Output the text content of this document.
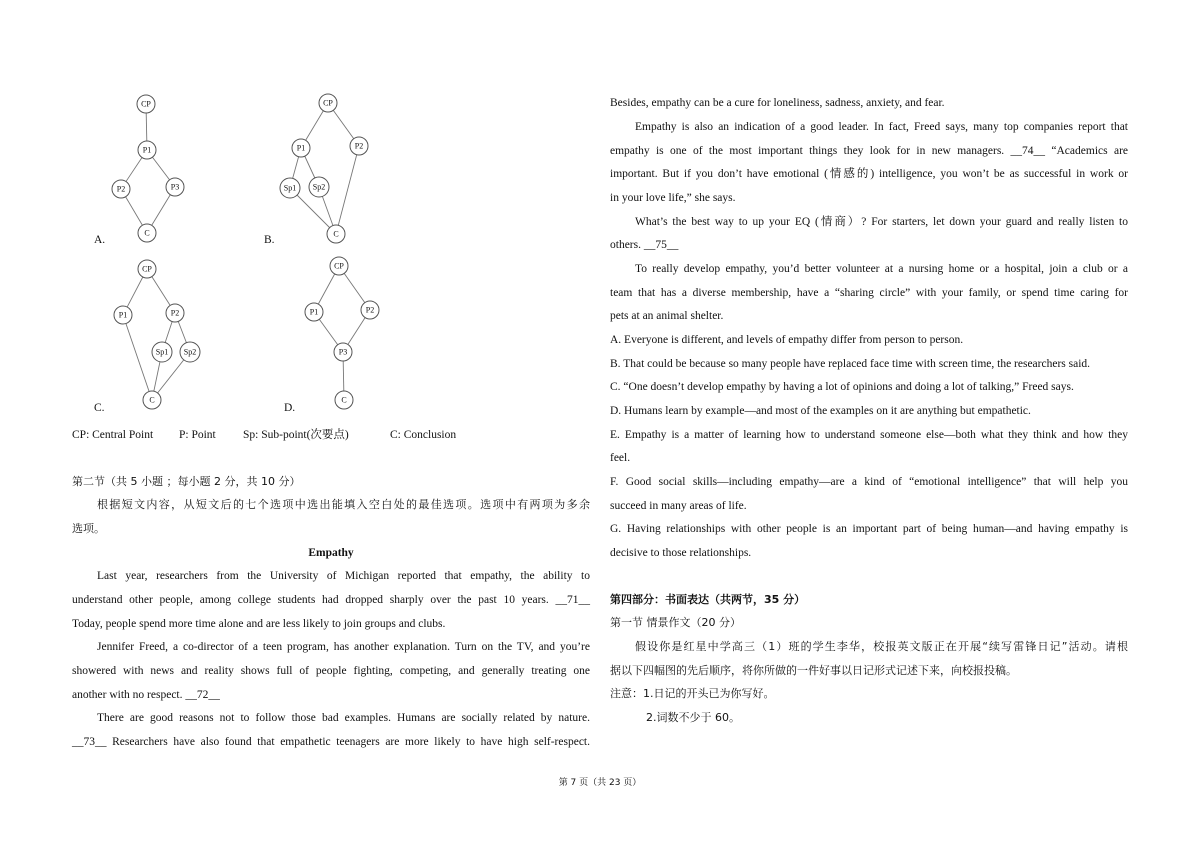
CP
P1
P2	P3
C
CP
P1	P2
Sp1 Sp2
C
CP
P1	P2
Sp1 Sp2
C
CP
P1	P2
P3
C
A.	B.
C.	D.
CP: Central Point P: Point Sp: Sub-point(次要点)	C: Conclusion
第二节（共 5 小题 ；每小题 2 分，共 10 分）
根据短文内容，从短文后的七个选项中选出能填入空白处的最佳选项。选项中有两项为多余
选项。
Empathy
Last year, researchers from the University of Michigan reported that empathy, the ability to
understand other people, among college students had dropped sharply over the past 10 years. __71__
Today, people spend more time alone and are less likely to join groups and clubs.
Jennifer Freed, a co-director of a teen program, has another explanation. Turn on the TV, and you’re
showered with news and reality shows full of people fighting, competing, and generally treating one
another with no respect. __72__
There are good reasons not to follow those bad examples. Humans are socially related by nature.
__73__ Researchers have also found that empathetic teenagers are more likely to have high self-respect.
Besides, empathy can be a cure for loneliness, sadness, anxiety, and fear.
Empathy is also an indication of a good leader. In fact, Freed says, many top companies report that
empathy is one of the most important things they look for in new managers. __74__ “Academics are
important. But if you don’t have emotional (情感的) intelligence, you won’t be as successful in work or
in your love life,” she says.
What’s the best way to up your EQ (情商）? For starters, let down your guard and really listen to
others. __75__
To really develop empathy, you’d better volunteer at a nursing home or a hospital, join a club or a
team that has a diverse membership, have a “sharing circle” with your family, or spend time caring for
pets at an animal shelter.
A. Everyone is different, and levels of empathy differ from person to person.
B. That could be because so many people have replaced face time with screen time, the researchers said.
C. “One doesn’t develop empathy by having a lot of opinions and doing a lot of talking,” Freed says.
D. Humans learn by example—and most of the examples on it are anything but empathetic.
E. Empathy is a matter of learning how to understand someone else—both what they think and how they
feel.
F. Good social skills—including empathy—are a kind of “emotional intelligence” that will help you
succeed in many areas of life.
G. Having relationships with other people is an important part of being human—and having empathy is
decisive to those relationships.
第四部分：书面表达（共两节，35 分）
第一节 情景作文（20 分）
假设你是红星中学高三（1）班的学生李华，校报英文版正在开展“续写雷锋日记”活动。请根
据以下四幅图的先后顺序，将你所做的一件好事以日记形式记述下来，向校报投稿。
注意：1.日记的开头已为你写好。
2.词数不少于 60。
第 7 页（共 23 页）
